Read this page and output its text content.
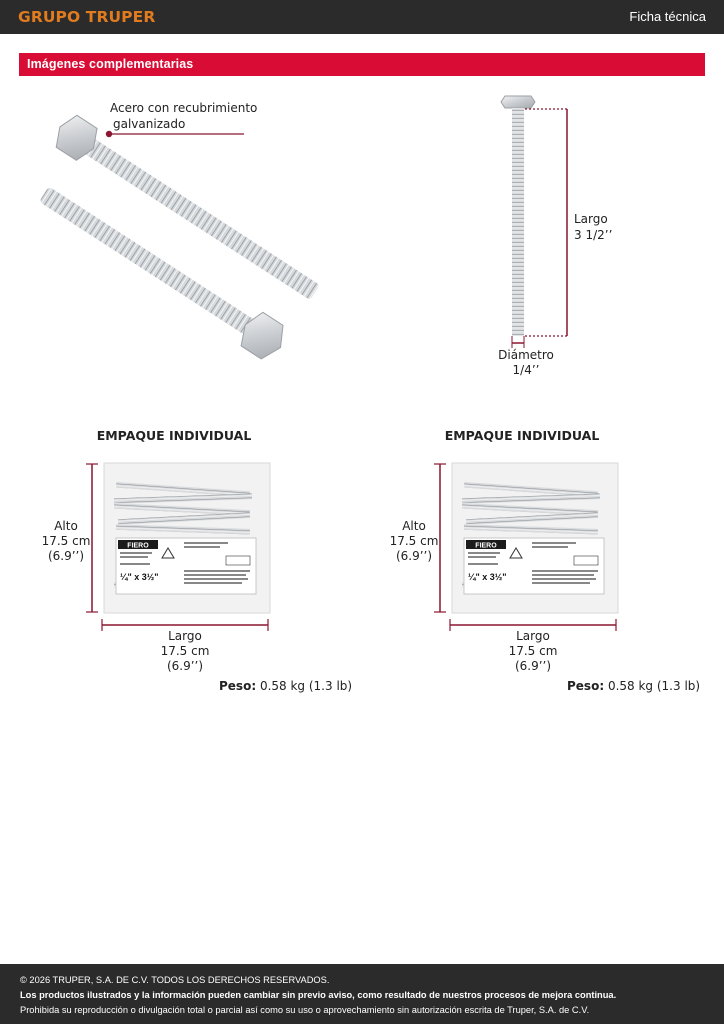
GRUPO TRUPER	Ficha técnica
Imágenes complementarias
Acero con recubrimiento
galvanizado
Largo
3 1/2’’
Diámetro
1/4’’
EMPAQUE INDIVIDUAL
FIERO
¼" x 3½"
Alto
17.5 cm
(6.9’’)
Largo
17.5 cm
(6.9’’)
Peso: 0.58 kg (1.3 lb)
EMPAQUE INDIVIDUAL
FIERO
¼" x 3½"
Alto
17.5 cm
(6.9’’)
Largo
17.5 cm
(6.9’’)
Peso: 0.58 kg (1.3 lb)
© 2026 TRUPER, S.A. DE C.V. TODOS LOS DERECHOS RESERVADOS.
Los productos ilustrados y la información pueden cambiar sin previo aviso, como resultado de nuestros procesos de mejora continua.
Prohibida su reproducción o divulgación total o parcial así como su uso o aprovechamiento sin autorización escrita de Truper, S.A. de C.V.
